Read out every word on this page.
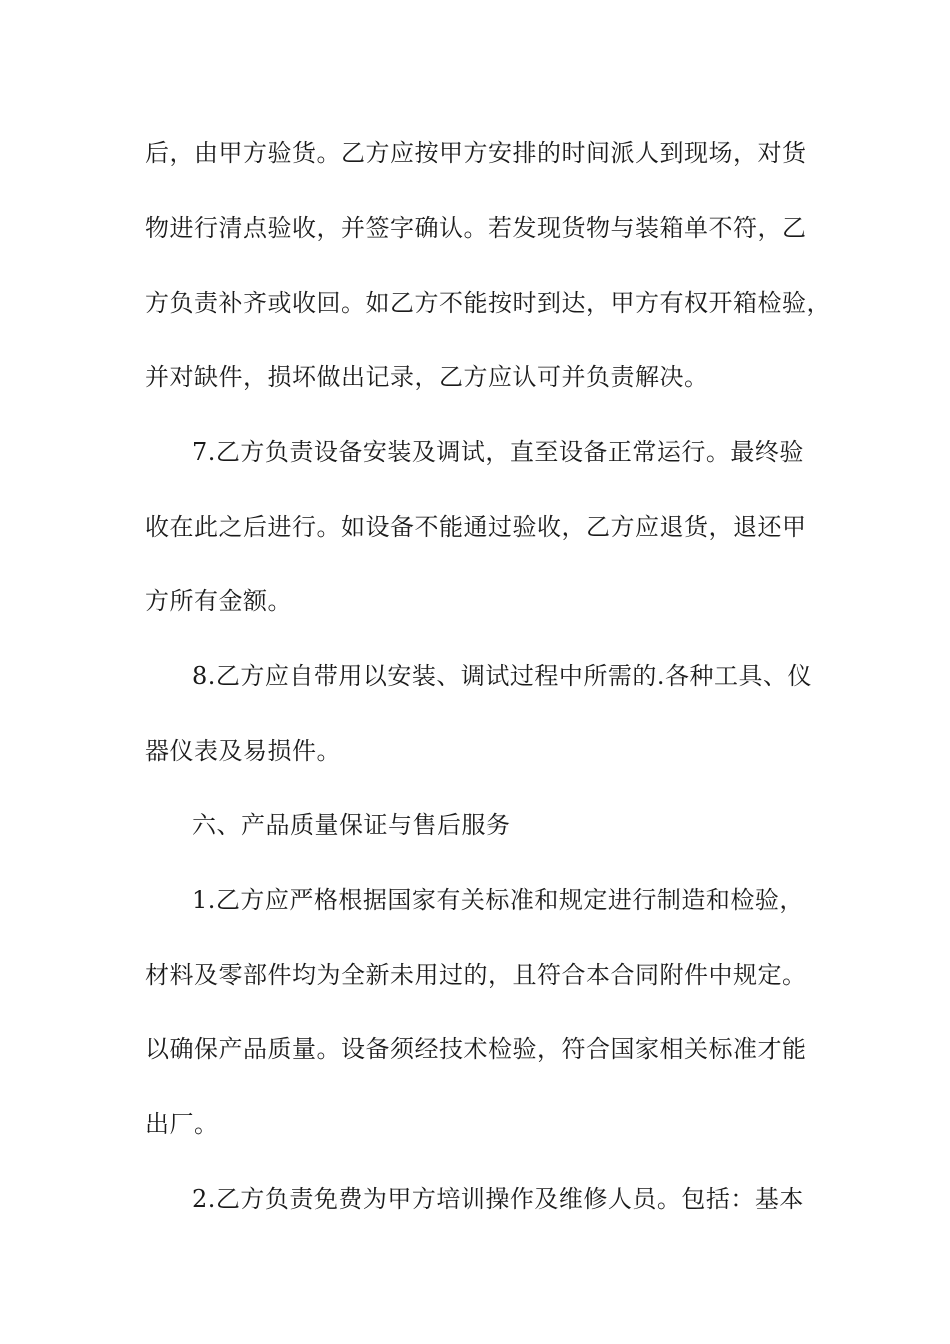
后，由甲方验货。乙方应按甲方安排的时间派人到现场，对货
物进行清点验收，并签字确认。若发现货物与装箱单不符，乙
方负责补齐或收回。如乙方不能按时到达，甲方有权开箱检验，
并对缺件，损坏做出记录，乙方应认可并负责解决。
7.乙方负责设备安装及调试，直至设备正常运行。最终验
收在此之后进行。如设备不能通过验收，乙方应退货，退还甲
方所有金额。
8.乙方应自带用以安装、调试过程中所需的.各种工具、仪
器仪表及易损件。
六、产品质量保证与售后服务
1.乙方应严格根据国家有关标准和规定进行制造和检验，
材料及零部件均为全新未用过的，且符合本合同附件中规定。
以确保产品质量。设备须经技术检验，符合国家相关标准才能
出厂。
2.乙方负责免费为甲方培训操作及维修人员。包括：基本
